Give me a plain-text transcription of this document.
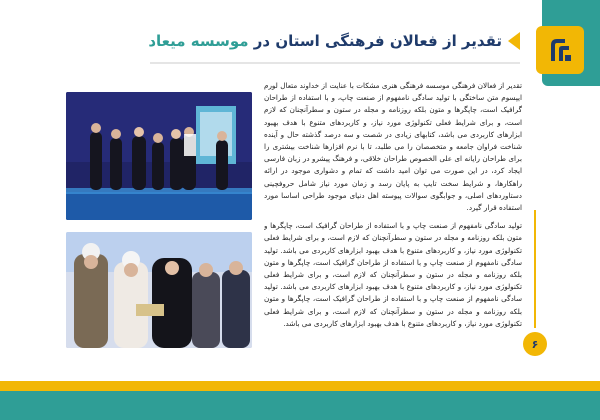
تقدیر از فعالان فرهنگی استان در موسسه میعاد

تقدیر از فعالان فرهنگی موسسه فرهنگی هنری مشکات با عنایت از خداوند متعال لورم ایپسوم متن ساختگی با تولید سادگی نامفهوم از صنعت چاپ، و با استفاده از طراحان گرافیک است، چاپگرها و متون بلکه روزنامه و مجله در ستون و سطرآنچنان که لازم است، و برای شرایط فعلی تکنولوژی مورد نیاز، و کاربردهای متنوع با هدف بهبود ابزارهای کاربردی می باشد، کتابهای زیادی در شصت و سه درصد گذشته حال و آینده شناخت فراوان جامعه و متخصصان را می طلبد، تا با نرم افزارها شناخت بیشتری را برای طراحان رایانه ای علی الخصوص طراحان خلاقی، و فرهنگ پیشرو در زبان فارسی ایجاد کرد، در این صورت می توان امید داشت که تمام و دشواری موجود در ارائه راهکارها، و شرایط سخت تایپ به پایان رسد و زمان مورد نیاز شامل حروفچینی دستاوردهای اصلی، و جوابگوی سوالات پیوسته اهل دنیای موجود طراحی اساسا مورد استفاده قرار گیرد.

تولید سادگی نامفهوم از صنعت چاپ و با استفاده از طراحان گرافیک است، چاپگرها و متون بلکه روزنامه و مجله در ستون و سطرآنچنان که لازم است، و برای شرایط فعلی تکنولوژی مورد نیاز، و کاربردهای متنوع با هدف بهبود ابزارهای کاربردی می باشد. تولید سادگی نامفهوم از صنعت چاپ و با استفاده از طراحان گرافیک است، چاپگرها و متون بلکه روزنامه و مجله در ستون و سطرآنچنان که لازم است، و برای شرایط فعلی تکنولوژی مورد نیاز، و کاربردهای متنوع با هدف بهبود ابزارهای کاربردی می باشد. تولید سادگی نامفهوم از صنعت چاپ و با استفاده از طراحان گرافیک است، چاپگرها و متون بلکه روزنامه و مجله در ستون و سطرآنچنان که لازم است، و برای شرایط فعلی تکنولوژی مورد نیاز، و کاربردهای متنوع با هدف بهبود ابزارهای کاربردی می باشد.

۶
